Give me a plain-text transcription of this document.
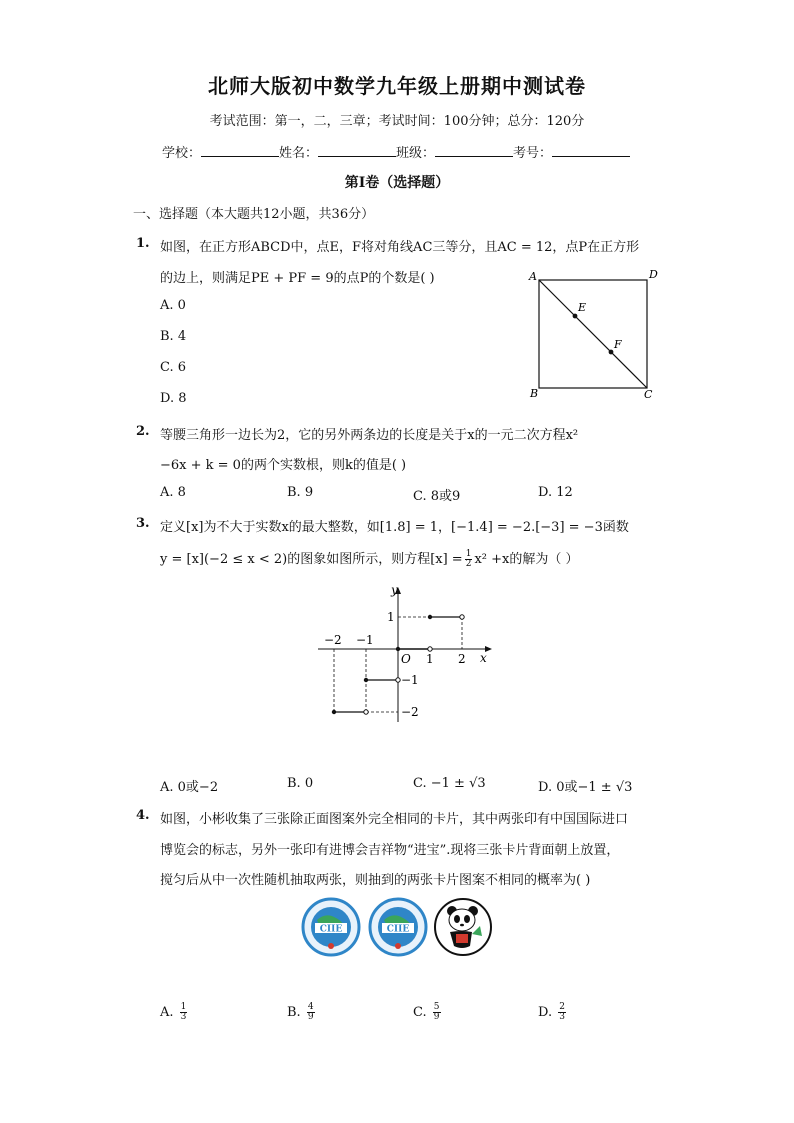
北师大版初中数学九年级上册期中测试卷
考试范围：第一，二，三章；考试时间：100分钟；总分：120分
学校：	姓名：	班级：	考号：
第I卷（选择题）
一、选择题（本大题共12小题，共36分）
1. 如图，在正方形ABCD中，点E，F将对角线AC三等分，且AC = 12，点P在正方形
的边上，则满足PE + PF = 9的点P的个数是( )
A. 0
B. 4
C. 6
D. 8
A	D
E
F
B	C
2. 等腰三角形一边长为2，它的另外两条边的长度是关于x的一元二次方程x²
−6x + k = 0的两个实数根，则k的值是( )
A. 8	B. 9	C. 8或9	D. 12
3. 定义[x]为不大于实数x的最大整数，如[1.8] = 1，[−1.4] = −2.[−3] = −3函数
y = [x](−2 ≤ x < 2)的图象如图所示，则方程$[x] = \frac{1}{2} x^2 +x$的解为（ ）
y
x
O
−2 −1
1 2
1
−1
−2
A. 0或−2	B. 0	C. −1 ± √3	D. 0或−1 ± √3
4. 如图，小彬收集了三张除正面图案外完全相同的卡片，其中两张印有中国国际进口
博览会的标志，另外一张印有进博会吉祥物“进宝”.现将三张卡片背面朝上放置，
搅匀后从中一次性随机抽取两张，则抽到的两张卡片图案不相同的概率为( )
CIIE	CIIE
A. $\frac{1}{3}$	B. $\frac{4}{9}$	C. $\frac{5}{9}$	D. $\frac{2}{3}$
